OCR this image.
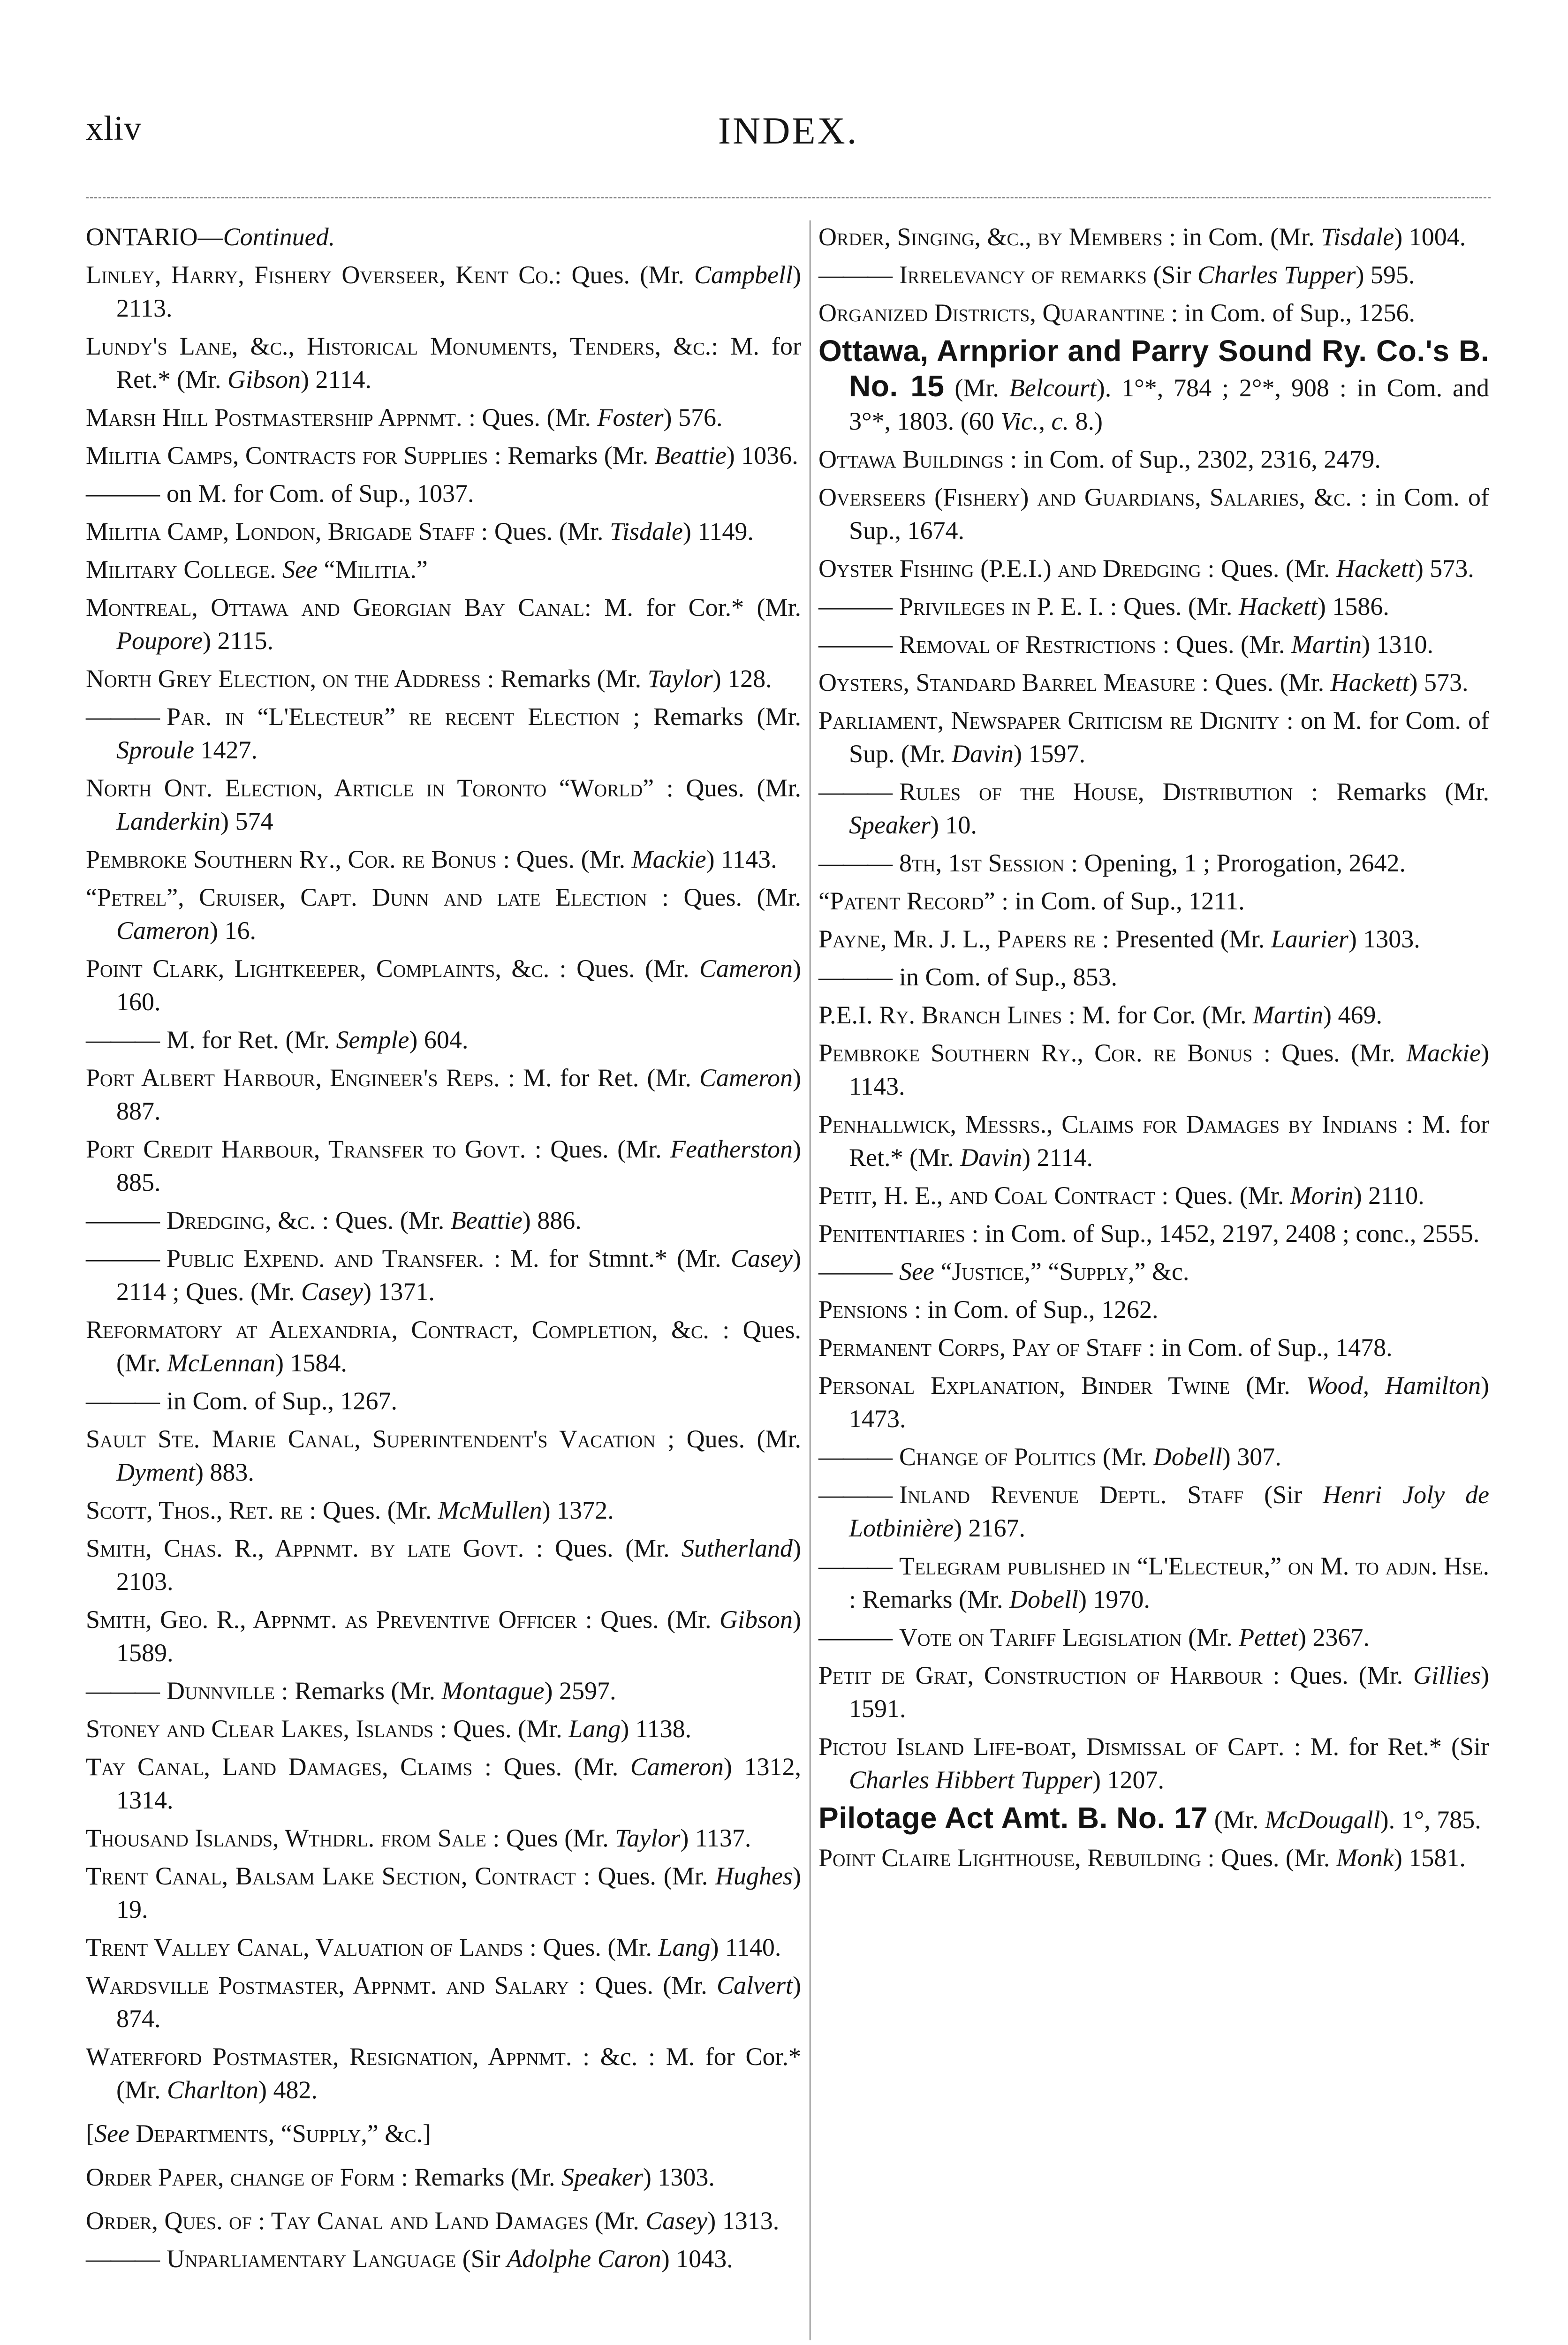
xliv	INDEX.

ONTARIO—Continued.

Linley, Harry, Fishery Overseer, Kent Co.: Ques. (Mr. Campbell) 2113.

Lundy's Lane, &c., Historical Monuments, Tenders, &c.: M. for Ret.* (Mr. Gibson) 2114.

Marsh Hill Postmastership Appnmt. : Ques. (Mr. Foster) 576.

Militia Camps, Contracts for Supplies : Remarks (Mr. Beattie) 1036.

——— on M. for Com. of Sup., 1037.

Militia Camp, London, Brigade Staff : Ques. (Mr. Tisdale) 1149.

Military College. See “Militia.”

Montreal, Ottawa and Georgian Bay Canal: M. for Cor.* (Mr. Poupore) 2115.

North Grey Election, on the Address : Remarks (Mr. Taylor) 128.

——— Par. in “L'Electeur” re recent Election ; Remarks (Mr. Sproule 1427.

North Ont. Election, Article in Toronto “World” : Ques. (Mr. Landerkin) 574

Pembroke Southern Ry., Cor. re Bonus : Ques. (Mr. Mackie) 1143.

“Petrel”, Cruiser, Capt. Dunn and late Election : Ques. (Mr. Cameron) 16.

Point Clark, Lightkeeper, Complaints, &c. : Ques. (Mr. Cameron) 160.

——— M. for Ret. (Mr. Semple) 604.

Port Albert Harbour, Engineer's Reps. : M. for Ret. (Mr. Cameron) 887.

Port Credit Harbour, Transfer to Govt. : Ques. (Mr. Featherston) 885.

——— Dredging, &c. : Ques. (Mr. Beattie) 886.

——— Public Expend. and Transfer. : M. for Stmnt.* (Mr. Casey) 2114 ; Ques. (Mr. Casey) 1371.

Reformatory at Alexandria, Contract, Completion, &c. : Ques. (Mr. McLennan) 1584.

——— in Com. of Sup., 1267.

Sault Ste. Marie Canal, Superintendent's Vacation ; Ques. (Mr. Dyment) 883.

Scott, Thos., Ret. re : Ques. (Mr. McMullen) 1372.

Smith, Chas. R., Appnmt. by late Govt. : Ques. (Mr. Sutherland) 2103.

Smith, Geo. R., Appnmt. as Preventive Officer : Ques. (Mr. Gibson) 1589.

——— Dunnville : Remarks (Mr. Montague) 2597.

Stoney and Clear Lakes, Islands : Ques. (Mr. Lang) 1138.

Tay Canal, Land Damages, Claims : Ques. (Mr. Cameron) 1312, 1314.

Thousand Islands, Wthdrl. from Sale : Ques (Mr. Taylor) 1137.

Trent Canal, Balsam Lake Section, Contract : Ques. (Mr. Hughes) 19.

Trent Valley Canal, Valuation of Lands : Ques. (Mr. Lang) 1140.

Wardsville Postmaster, Appnmt. and Salary : Ques. (Mr. Calvert) 874.

Waterford Postmaster, Resignation, Appnmt. : &c. : M. for Cor.* (Mr. Charlton) 482.

[See Departments, “Supply,” &c.]

Order Paper, change of Form : Remarks (Mr. Speaker) 1303.

Order, Ques. of : Tay Canal and Land Damages (Mr. Casey) 1313.

——— Unparliamentary Language (Sir Adolphe Caron) 1043.

Order, Singing, &c., by Members : in Com. (Mr. Tisdale) 1004.

——— Irrelevancy of remarks (Sir Charles Tupper) 595.

Organized Districts, Quarantine : in Com. of Sup., 1256.

Ottawa, Arnprior and Parry Sound Ry. Co.'s B. No. 15 (Mr. Belcourt). 1°*, 784 ; 2°*, 908 : in Com. and 3°*, 1803. (60 Vic., c. 8.)

Ottawa Buildings : in Com. of Sup., 2302, 2316, 2479.

Overseers (Fishery) and Guardians, Salaries, &c. : in Com. of Sup., 1674.

Oyster Fishing (P.E.I.) and Dredging : Ques. (Mr. Hackett) 573.

——— Privileges in P. E. I. : Ques. (Mr. Hackett) 1586.

——— Removal of Restrictions : Ques. (Mr. Martin) 1310.

Oysters, Standard Barrel Measure : Ques. (Mr. Hackett) 573.

Parliament, Newspaper Criticism re Dignity : on M. for Com. of Sup. (Mr. Davin) 1597.

——— Rules of the House, Distribution : Remarks (Mr. Speaker) 10.

——— 8th, 1st Session : Opening, 1 ; Prorogation, 2642.

“Patent Record” : in Com. of Sup., 1211.

Payne, Mr. J. L., Papers re : Presented (Mr. Laurier) 1303.

——— in Com. of Sup., 853.

P.E.I. Ry. Branch Lines : M. for Cor. (Mr. Martin) 469.

Pembroke Southern Ry., Cor. re Bonus : Ques. (Mr. Mackie) 1143.

Penhallwick, Messrs., Claims for Damages by Indians : M. for Ret.* (Mr. Davin) 2114.

Petit, H. E., and Coal Contract : Ques. (Mr. Morin) 2110.

Penitentiaries : in Com. of Sup., 1452, 2197, 2408 ; conc., 2555.

——— See “Justice,” “Supply,” &c.

Pensions : in Com. of Sup., 1262.

Permanent Corps, Pay of Staff : in Com. of Sup., 1478.

Personal Explanation, Binder Twine (Mr. Wood, Hamilton) 1473.

——— Change of Politics (Mr. Dobell) 307.

——— Inland Revenue Deptl. Staff (Sir Henri Joly de Lotbinière) 2167.

——— Telegram published in “L'Electeur,” on M. to adjn. Hse. : Remarks (Mr. Dobell) 1970.

——— Vote on Tariff Legislation (Mr. Pettet) 2367.

Petit de Grat, Construction of Harbour : Ques. (Mr. Gillies) 1591.

Pictou Island Life-boat, Dismissal of Capt. : M. for Ret.* (Sir Charles Hibbert Tupper) 1207.

Pilotage Act Amt. B. No. 17 (Mr. McDougall). 1°, 785.

Point Claire Lighthouse, Rebuilding : Ques. (Mr. Monk) 1581.
